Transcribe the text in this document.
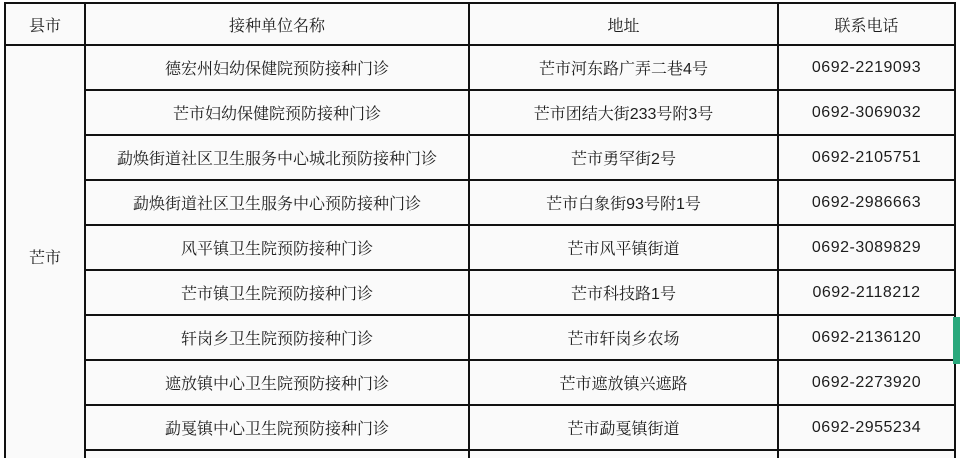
县市	接种单位名称	地址	联系电话
芒市	德宏州妇幼保健院预防接种门诊	芒市河东路广弄二巷4号	0692-2219093
	芒市妇幼保健院预防接种门诊	芒市团结大街233号附3号	0692-3069032
	勐焕街道社区卫生服务中心城北预防接种门诊	芒市勇罕街2号	0692-2105751
	勐焕街道社区卫生服务中心预防接种门诊	芒市白象街93号附1号	0692-2986663
	风平镇卫生院预防接种门诊	芒市风平镇街道	0692-3089829
	芒市镇卫生院预防接种门诊	芒市科技路1号	0692-2118212
	轩岗乡卫生院预防接种门诊	芒市轩岗乡农场	0692-2136120
	遮放镇中心卫生院预防接种门诊	芒市遮放镇兴遮路	0692-2273920
	勐戛镇中心卫生院预防接种门诊	芒市勐戛镇街道	0692-2955234
